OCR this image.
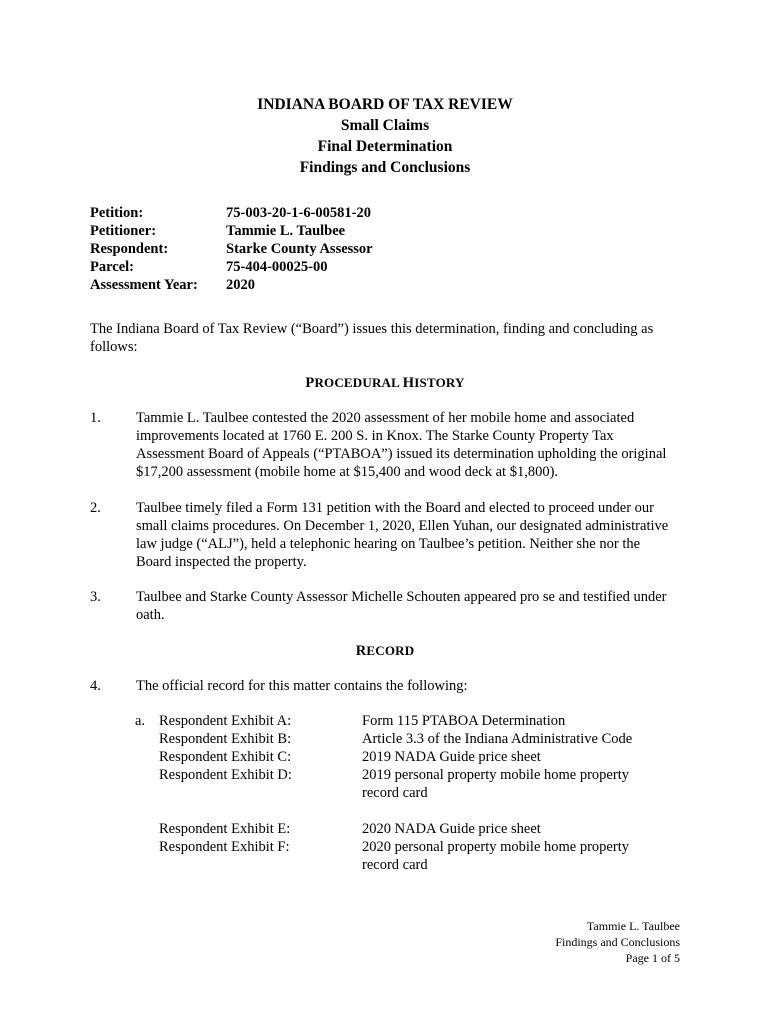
INDIANA BOARD OF TAX REVIEW
Small Claims
Final Determination
Findings and Conclusions
Petition:	75-003-20-1-6-00581-20
Petitioner:	Tammie L. Taulbee
Respondent:	Starke County Assessor
Parcel:	75-404-00025-00
Assessment Year:	2020
The Indiana Board of Tax Review (“Board”) issues this determination, finding and concluding as follows:
PROCEDURAL HISTORY
1.	Tammie L. Taulbee contested the 2020 assessment of her mobile home and associated improvements located at 1760 E. 200 S. in Knox. The Starke County Property Tax Assessment Board of Appeals (“PTABOA”) issued its determination upholding the original $17,200 assessment (mobile home at $15,400 and wood deck at $1,800).
2.	Taulbee timely filed a Form 131 petition with the Board and elected to proceed under our small claims procedures. On December 1, 2020, Ellen Yuhan, our designated administrative law judge (“ALJ”), held a telephonic hearing on Taulbee’s petition. Neither she nor the Board inspected the property.
3.	Taulbee and Starke County Assessor Michelle Schouten appeared pro se and testified under oath.
RECORD
4.	The official record for this matter contains the following:
a. Respondent Exhibit A:	Form 115 PTABOA Determination
Respondent Exhibit B:	Article 3.3 of the Indiana Administrative Code
Respondent Exhibit C:	2019 NADA Guide price sheet
Respondent Exhibit D:	2019 personal property mobile home property record card
Respondent Exhibit E:	2020 NADA Guide price sheet
Respondent Exhibit F:	2020 personal property mobile home property record card
Tammie L. Taulbee
Findings and Conclusions
Page 1 of 5
